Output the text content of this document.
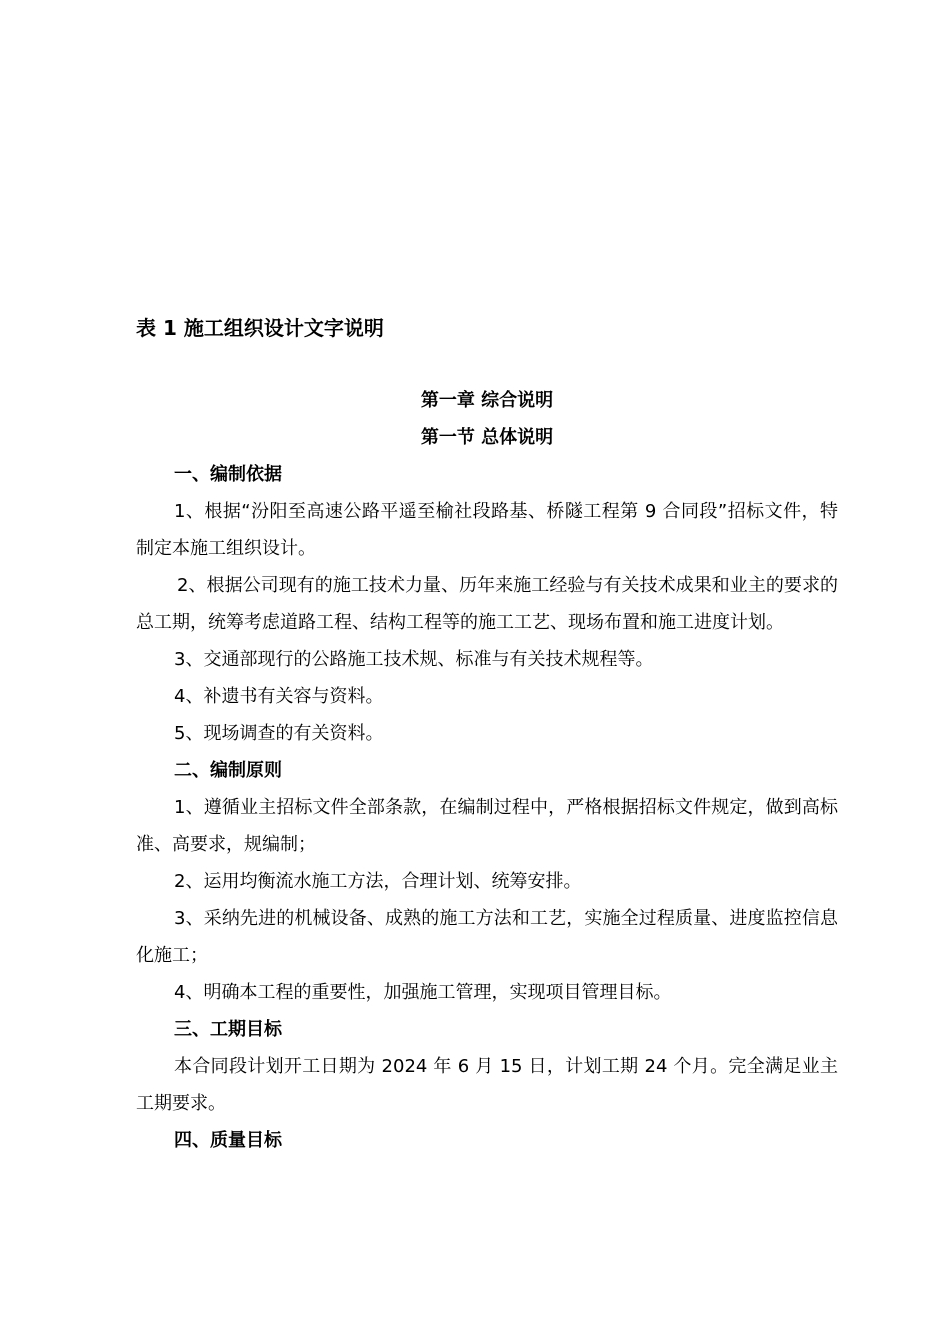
表 1 施工组织设计文字说明
第一章 综合说明
第一节 总体说明
一、编制依据

1、根据“汾阳至高速公路平遥至榆社段路基、桥隧工程第 9 合同段”招标文件，特制定本施工组织设计。

2、根据公司现有的施工技术力量、历年来施工经验与有关技术成果和业主的要求的总工期，统筹考虑道路工程、结构工程等的施工工艺、现场布置和施工进度计划。

3、交通部现行的公路施工技术规、标准与有关技术规程等。

4、补遗书有关容与资料。

5、现场调查的有关资料。

二、编制原则

1、遵循业主招标文件全部条款，在编制过程中，严格根据招标文件规定，做到高标准、高要求，规编制；

2、运用均衡流水施工方法，合理计划、统筹安排。

3、采纳先进的机械设备、成熟的施工方法和工艺，实施全过程质量、进度监控信息化施工；

4、明确本工程的重要性，加强施工管理，实现项目管理目标。

三、工期目标

本合同段计划开工日期为 2024 年 6 月 15 日，计划工期 24 个月。完全满足业主工期要求。

四、质量目标
